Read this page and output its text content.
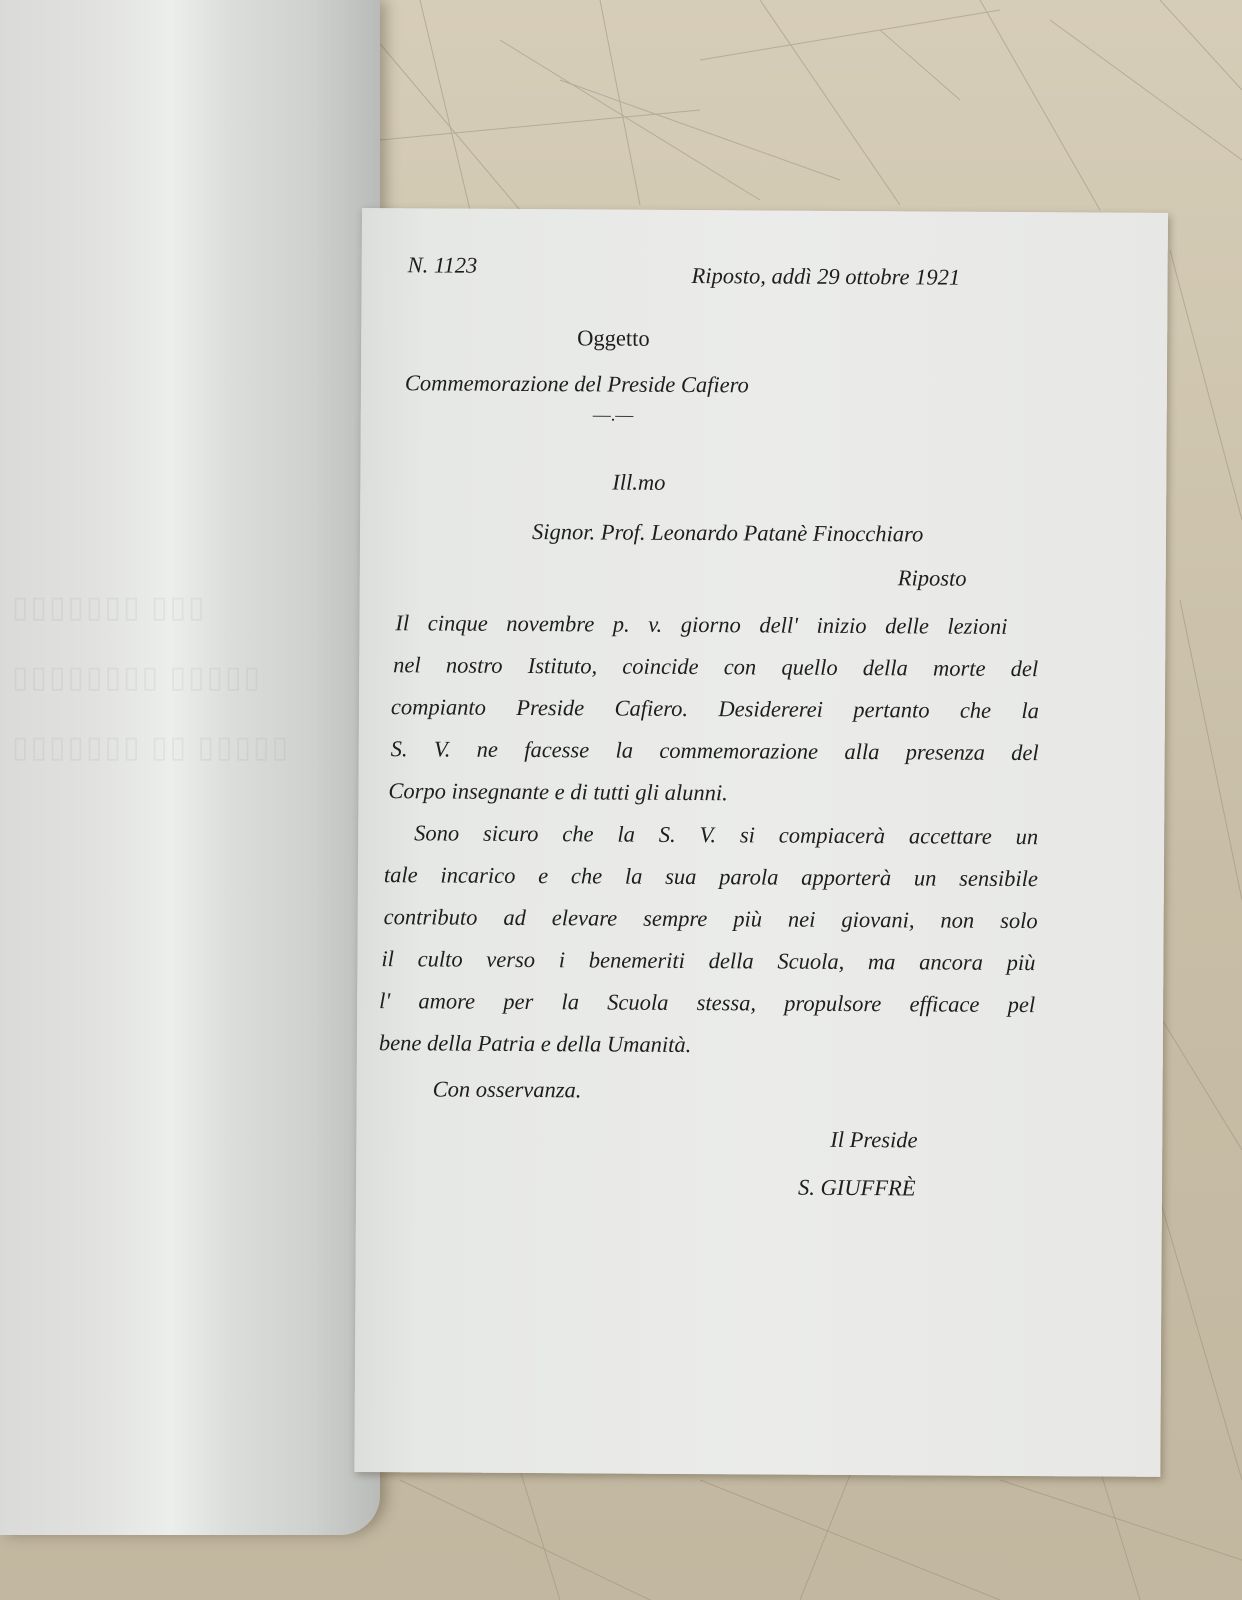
▯▯▯ ▯▯▯▯▯▯▯
▯▯▯▯▯ ▯▯▯▯▯▯▯▯
▯▯▯▯▯ ▯▯ ▯▯▯▯▯▯▯
N. 1123	Riposto, addì 29 ottobre 1921
Oggetto
Commemorazione del Preside Cafiero
—.—
Ill.mo
Signor. Prof. Leonardo Patanè Finocchiaro
Riposto
Il cinque novembre p. v. giorno dell' inizio delle lezioni
nel nostro Istituto, coincide con quello della morte del
compianto Preside Cafiero. Desidererei pertanto che la
S. V. ne facesse la commemorazione alla presenza del
Corpo insegnante e di tutti gli alunni.
Sono sicuro che la S. V. si compiacerà accettare un
tale incarico e che la sua parola apporterà un sensibile
contributo ad elevare sempre più nei giovani, non solo
il culto verso i benemeriti della Scuola, ma ancora più
l' amore per la Scuola stessa, propulsore efficace pel
bene della Patria e della Umanità.
Con osservanza.
Il Preside
S. GIUFFRÈ
